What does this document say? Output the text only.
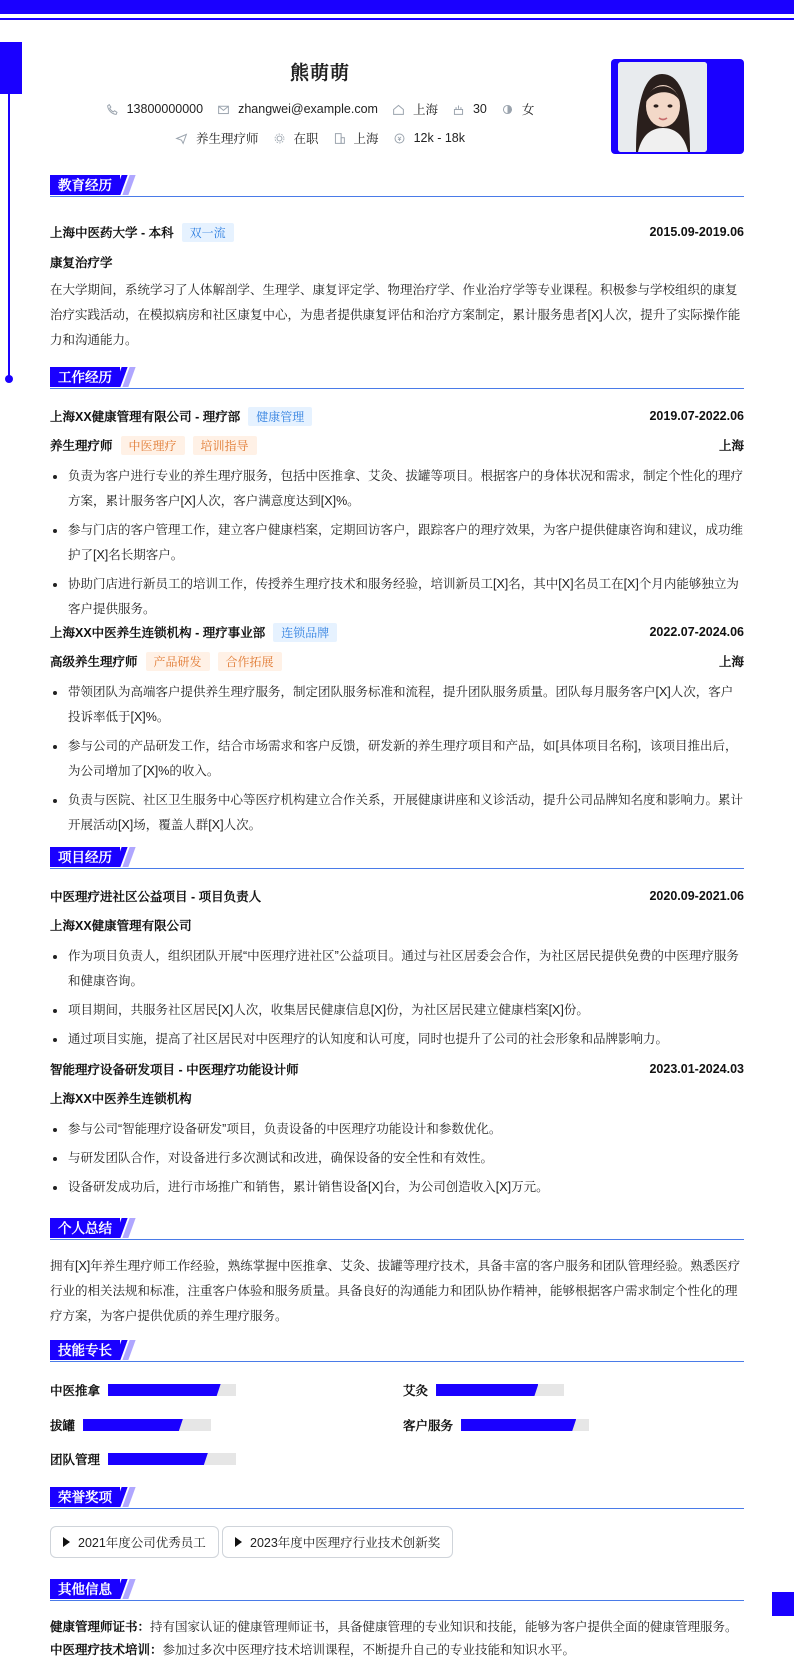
熊萌萌
13800000000	zhangwei@example.com	上海	30	女
养生理疗师	在职	上海	12k - 18k
教育经历
上海中医药大学 - 本科	双一流	2015.09-2019.06
康复治疗学
在大学期间，系统学习了人体解剖学、生理学、康复评定学、物理治疗学、作业治疗学等专业课程。积极参与学校组织的康复治疗实践活动，在模拟病房和社区康复中心，为患者提供康复评估和治疗方案制定，累计服务患者[X]人次，提升了实际操作能力和沟通能力。
工作经历
上海XX健康管理有限公司 - 理疗部	健康管理	2019.07-2022.06
养生理疗师	中医理疗	培训指导	上海
负责为客户进行专业的养生理疗服务，包括中医推拿、艾灸、拔罐等项目。根据客户的身体状况和需求，制定个性化的理疗方案，累计服务客户[X]人次，客户满意度达到[X]%。
参与门店的客户管理工作，建立客户健康档案，定期回访客户，跟踪客户的理疗效果，为客户提供健康咨询和建议，成功维护了[X]名长期客户。
协助门店进行新员工的培训工作，传授养生理疗技术和服务经验，培训新员工[X]名，其中[X]名员工在[X]个月内能够独立为客户提供服务。
上海XX中医养生连锁机构 - 理疗事业部	连锁品牌	2022.07-2024.06
高级养生理疗师	产品研发	合作拓展	上海
带领团队为高端客户提供养生理疗服务，制定团队服务标准和流程，提升团队服务质量。团队每月服务客户[X]人次，客户投诉率低于[X]%。
参与公司的产品研发工作，结合市场需求和客户反馈，研发新的养生理疗项目和产品，如[具体项目名称]，该项目推出后，为公司增加了[X]%的收入。
负责与医院、社区卫生服务中心等医疗机构建立合作关系，开展健康讲座和义诊活动，提升公司品牌知名度和影响力。累计开展活动[X]场，覆盖人群[X]人次。
项目经历
中医理疗进社区公益项目 - 项目负责人	2020.09-2021.06
上海XX健康管理有限公司
作为项目负责人，组织团队开展“中医理疗进社区”公益项目。通过与社区居委会合作，为社区居民提供免费的中医理疗服务和健康咨询。
项目期间，共服务社区居民[X]人次，收集居民健康信息[X]份，为社区居民建立健康档案[X]份。
通过项目实施，提高了社区居民对中医理疗的认知度和认可度，同时也提升了公司的社会形象和品牌影响力。
智能理疗设备研发项目 - 中医理疗功能设计师	2023.01-2024.03
上海XX中医养生连锁机构
参与公司“智能理疗设备研发”项目，负责设备的中医理疗功能设计和参数优化。
与研发团队合作，对设备进行多次测试和改进，确保设备的安全性和有效性。
设备研发成功后，进行市场推广和销售，累计销售设备[X]台，为公司创造收入[X]万元。
个人总结
拥有[X]年养生理疗师工作经验，熟练掌握中医推拿、艾灸、拔罐等理疗技术，具备丰富的客户服务和团队管理经验。熟悉医疗行业的相关法规和标准，注重客户体验和服务质量。具备良好的沟通能力和团队协作精神，能够根据客户需求制定个性化的理疗方案，为客户提供优质的养生理疗服务。
技能专长
中医推拿	艾灸
拔罐	客户服务
团队管理
荣誉奖项
2021年度公司优秀员工	2023年度中医理疗行业技术创新奖
其他信息
健康管理师证书：持有国家认证的健康管理师证书，具备健康管理的专业知识和技能，能够为客户提供全面的健康管理服务。
中医理疗技术培训：参加过多次中医理疗技术培训课程，不断提升自己的专业技能和知识水平。
